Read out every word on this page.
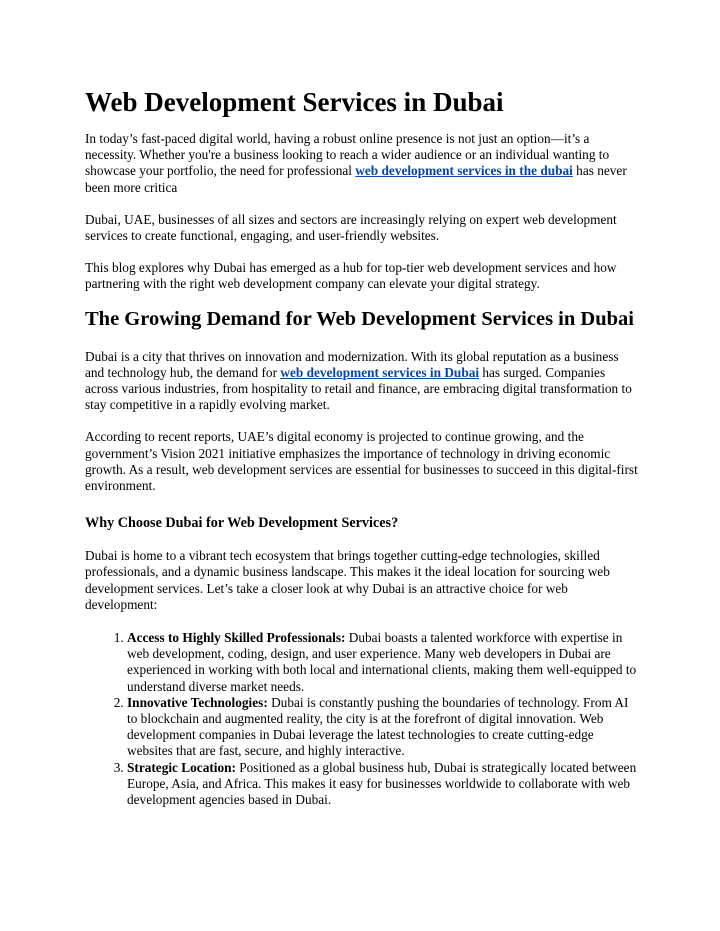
Web Development Services in Dubai

In today’s fast-paced digital world, having a robust online presence is not just an option—it’s a necessity. Whether you're a business looking to reach a wider audience or an individual wanting to showcase your portfolio, the need for professional web development services in the dubai has never been more critica

Dubai, UAE, businesses of all sizes and sectors are increasingly relying on expert web development services to create functional, engaging, and user-friendly websites.

This blog explores why Dubai has emerged as a hub for top-tier web development services and how partnering with the right web development company can elevate your digital strategy.

The Growing Demand for Web Development Services in Dubai

Dubai is a city that thrives on innovation and modernization. With its global reputation as a business and technology hub, the demand for web development services in Dubai has surged. Companies across various industries, from hospitality to retail and finance, are embracing digital transformation to stay competitive in a rapidly evolving market.

According to recent reports, UAE’s digital economy is projected to continue growing, and the government’s Vision 2021 initiative emphasizes the importance of technology in driving economic growth. As a result, web development services are essential for businesses to succeed in this digital-first environment.

Why Choose Dubai for Web Development Services?

Dubai is home to a vibrant tech ecosystem that brings together cutting-edge technologies, skilled professionals, and a dynamic business landscape. This makes it the ideal location for sourcing web development services. Let’s take a closer look at why Dubai is an attractive choice for web development:

1. Access to Highly Skilled Professionals: Dubai boasts a talented workforce with expertise in web development, coding, design, and user experience. Many web developers in Dubai are experienced in working with both local and international clients, making them well-equipped to understand diverse market needs.
2. Innovative Technologies: Dubai is constantly pushing the boundaries of technology. From AI to blockchain and augmented reality, the city is at the forefront of digital innovation. Web development companies in Dubai leverage the latest technologies to create cutting-edge websites that are fast, secure, and highly interactive.
3. Strategic Location: Positioned as a global business hub, Dubai is strategically located between Europe, Asia, and Africa. This makes it easy for businesses worldwide to collaborate with web development agencies based in Dubai.
